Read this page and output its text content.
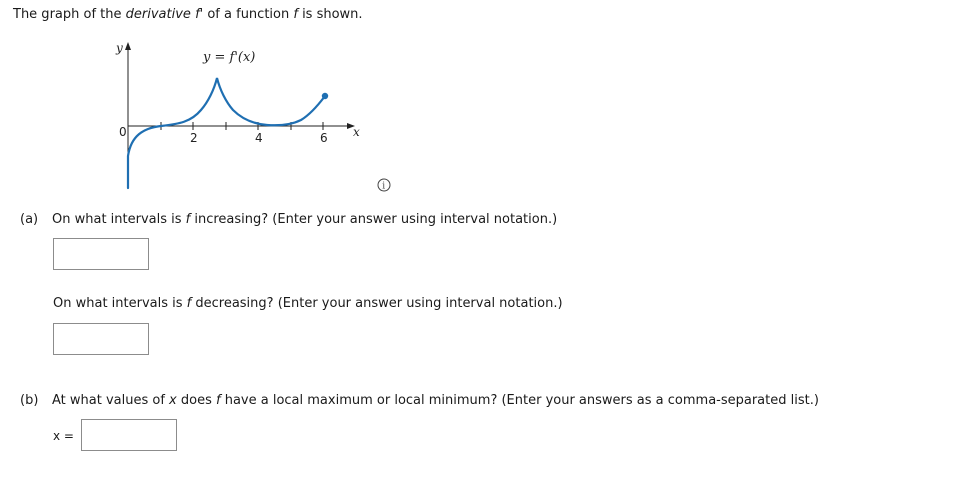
The graph of the derivative f' of a function f is shown.
y
x
y = f'(x)
0	2	4	6
i
(a) On what intervals is f increasing? (Enter your answer using interval notation.)
On what intervals is f decreasing? (Enter your answer using interval notation.)
(b) At what values of x does f have a local maximum or local minimum? (Enter your answers as a comma-separated list.)
x =
